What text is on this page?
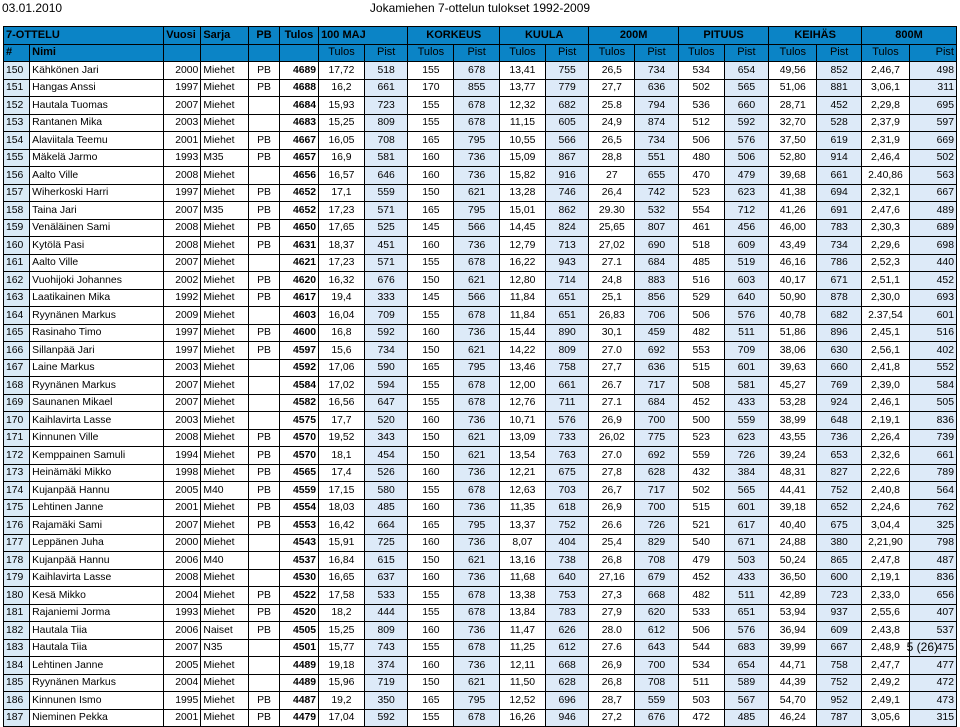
03.01.2010	Jokamiehen 7-ottelun tulokset 1992-2009
7-OTTELU		Vuosi	Sarja	PB	Tulos	100 MAJ		KORKEUS		KUULA		200M		PITUUS		KEIHÄS		800M	
#	Nimi					Tulos	Pist	Tulos	Pist	Tulos	Pist	Tulos	Pist	Tulos	Pist	Tulos	Pist	Tulos	Pist
150	Kähkönen Jari	2000	Miehet	PB	4689	17,72	518	155	678	13,41	755	26,5	734	534	654	49,56	852	2,46,7	498
151	Hangas Anssi	1997	Miehet	PB	4688	16,2	661	170	855	13,77	779	27,7	636	502	565	51,06	881	3,06,1	311
152	Hautala Tuomas	2007	Miehet		4684	15,93	723	155	678	12,32	682	25.8	794	536	660	28,71	452	2,29,8	695
153	Rantanen Mika	2003	Miehet		4683	15,25	809	155	678	11,15	605	24,9	874	512	592	32,70	528	2,37,9	597
154	Alaviitala Teemu	2001	Miehet	PB	4667	16,05	708	165	795	10,55	566	26,5	734	506	576	37,50	619	2,31,9	669
155	Mäkelä Jarmo	1993	M35	PB	4657	16,9	581	160	736	15,09	867	28,8	551	480	506	52,80	914	2,46,4	502
156	Aalto Ville	2008	Miehet		4656	16,57	646	160	736	15,82	916	27	655	470	479	39,68	661	2.40,86	563
157	Wiherkoski Harri	1997	Miehet	PB	4652	17,1	559	150	621	13,28	746	26,4	742	523	623	41,38	694	2,32,1	667
158	Taina Jari	2007	M35	PB	4652	17,23	571	165	795	15,01	862	29.30	532	554	712	41,26	691	2,47,6	489
159	Venäläinen Sami	2008	Miehet	PB	4650	17,65	525	145	566	14,45	824	25,65	807	461	456	46,00	783	2,30,3	689
160	Kytölä Pasi	2008	Miehet	PB	4631	18,37	451	160	736	12,79	713	27,02	690	518	609	43,49	734	2,29,6	698
161	Aalto Ville	2007	Miehet		4621	17,23	571	155	678	16,22	943	27.1	684	485	519	46,16	786	2,52,3	440
162	Vuohijoki Johannes	2002	Miehet	PB	4620	16,32	676	150	621	12,80	714	24,8	883	516	603	40,17	671	2,51,1	452
163	Laatikainen Mika	1992	Miehet	PB	4617	19,4	333	145	566	11,84	651	25,1	856	529	640	50,90	878	2,30,0	693
164	Ryynänen Markus	2009	Miehet		4603	16,04	709	155	678	11,84	651	26,83	706	506	576	40,78	682	2.37,54	601
165	Rasinaho Timo	1997	Miehet	PB	4600	16,8	592	160	736	15,44	890	30,1	459	482	511	51,86	896	2,45,1	516
166	Sillanpää Jari	1997	Miehet	PB	4597	15,6	734	150	621	14,22	809	27.0	692	553	709	38,06	630	2,56,1	402
167	Laine Markus	2003	Miehet		4592	17,06	590	165	795	13,46	758	27,7	636	515	601	39,63	660	2,41,8	552
168	Ryynänen Markus	2007	Miehet		4584	17,02	594	155	678	12,00	661	26.7	717	508	581	45,27	769	2,39,0	584
169	Saunanen Mikael	2007	Miehet		4582	16,56	647	155	678	12,76	711	27.1	684	452	433	53,28	924	2,46,1	505
170	Kaihlavirta Lasse	2003	Miehet		4575	17,7	520	160	736	10,71	576	26,9	700	500	559	38,99	648	2,19,1	836
171	Kinnunen Ville	2008	Miehet	PB	4570	19,52	343	150	621	13,09	733	26,02	775	523	623	43,55	736	2,26,4	739
172	Kemppainen Samuli	1994	Miehet	PB	4570	18,1	454	150	621	13,54	763	27.0	692	559	726	39,24	653	2,32,6	661
173	Heinämäki Mikko	1998	Miehet	PB	4565	17,4	526	160	736	12,21	675	27,8	628	432	384	48,31	827	2,22,6	789
174	Kujanpää Hannu	2005	M40	PB	4559	17,15	580	155	678	12,63	703	26,7	717	502	565	44,41	752	2,40,8	564
175	Lehtinen Janne	2001	Miehet	PB	4554	18,03	485	160	736	11,35	618	26,9	700	515	601	39,18	652	2,24,6	762
176	Rajamäki Sami	2007	Miehet	PB	4553	16,42	664	165	795	13,37	752	26.6	726	521	617	40,40	675	3,04,4	325
177	Leppänen Juha	2000	Miehet		4543	15,91	725	160	736	8,07	404	25,4	829	540	671	24,88	380	2,21,90	798
178	Kujanpää Hannu	2006	M40		4537	16,84	615	150	621	13,16	738	26,8	708	479	503	50,24	865	2,47,8	487
179	Kaihlavirta Lasse	2008	Miehet		4530	16,65	637	160	736	11,68	640	27,16	679	452	433	36,50	600	2,19,1	836
180	Kesä Mikko	2004	Miehet	PB	4522	17,58	533	155	678	13,38	753	27,3	668	482	511	42,89	723	2,33,0	656
181	Rajaniemi Jorma	1993	Miehet	PB	4520	18,2	444	155	678	13,84	783	27,9	620	533	651	53,94	937	2,55,6	407
182	Hautala Tiia	2006	Naiset	PB	4505	15,25	809	160	736	11,47	626	28.0	612	506	576	36,94	609	2,43,8	537
183	Hautala Tiia	2007	N35		4501	15,77	743	155	678	11,25	612	27.6	643	544	683	39,99	667	2,48,9	475
184	Lehtinen Janne	2005	Miehet		4489	19,18	374	160	736	12,11	668	26,9	700	534	654	44,71	758	2,47,7	477
185	Ryynänen Markus	2004	Miehet		4489	15,96	719	150	621	11,50	628	26,8	708	511	589	44,39	752	2,49,2	472
186	Kinnunen Ismo	1995	Miehet	PB	4487	19,2	350	165	795	12,52	696	28,7	559	503	567	54,70	952	2,49,1	473
187	Nieminen Pekka	2001	Miehet	PB	4479	17,04	592	155	678	16,26	946	27,2	676	472	485	46,24	787	3,05,6	315
5 (26)
